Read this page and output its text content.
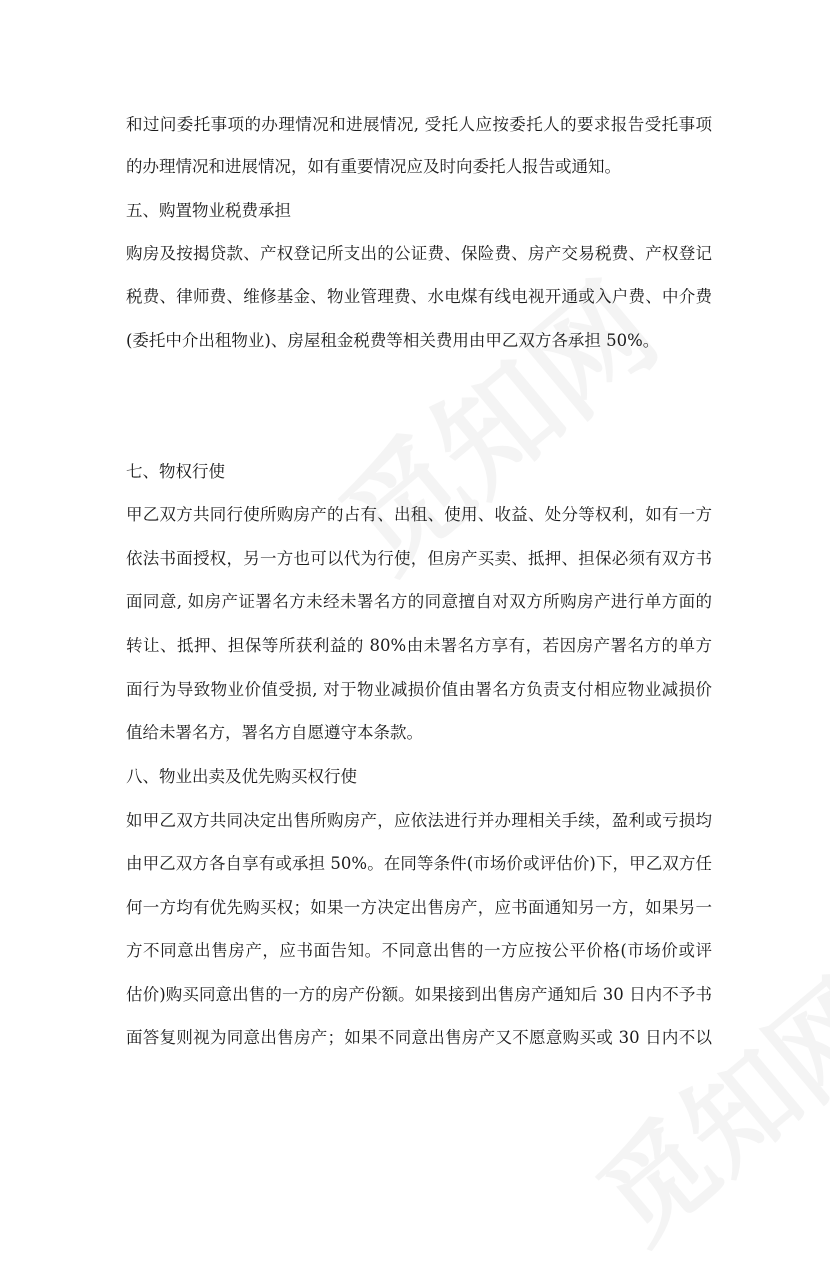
和过问委托事项的办理情况和进展情况, 受托人应按委托人的要求报告受托事项
的办理情况和进展情况，如有重要情况应及时向委托人报告或通知。
五、购置物业税费承担
购房及按揭贷款、产权登记所支出的公证费、保险费、房产交易税费、产权登记
税费、律师费、维修基金、物业管理费、水电煤有线电视开通或入户费、中介费
(委托中介出租物业)、房屋租金税费等相关费用由甲乙双方各承担 50%。
七、物权行使
甲乙双方共同行使所购房产的占有、出租、使用、收益、处分等权利，如有一方
依法书面授权，另一方也可以代为行使，但房产买卖、抵押、担保必须有双方书
面同意, 如房产证署名方未经未署名方的同意擅自对双方所购房产进行单方面的
转让、抵押、担保等所获利益的 80%由未署名方享有，若因房产署名方的单方
面行为导致物业价值受损, 对于物业减损价值由署名方负责支付相应物业减损价
值给未署名方，署名方自愿遵守本条款。
八、物业出卖及优先购买权行使
如甲乙双方共同决定出售所购房产，应依法进行并办理相关手续，盈利或亏损均
由甲乙双方各自享有或承担 50%。在同等条件(市场价或评估价)下，甲乙双方任
何一方均有优先购买权；如果一方决定出售房产，应书面通知另一方，如果另一
方不同意出售房产，应书面告知。不同意出售的一方应按公平价格(市场价或评
估价)购买同意出售的一方的房产份额。如果接到出售房产通知后 30 日内不予书
面答复则视为同意出售房产；如果不同意出售房产又不愿意购买或 30 日内不以
